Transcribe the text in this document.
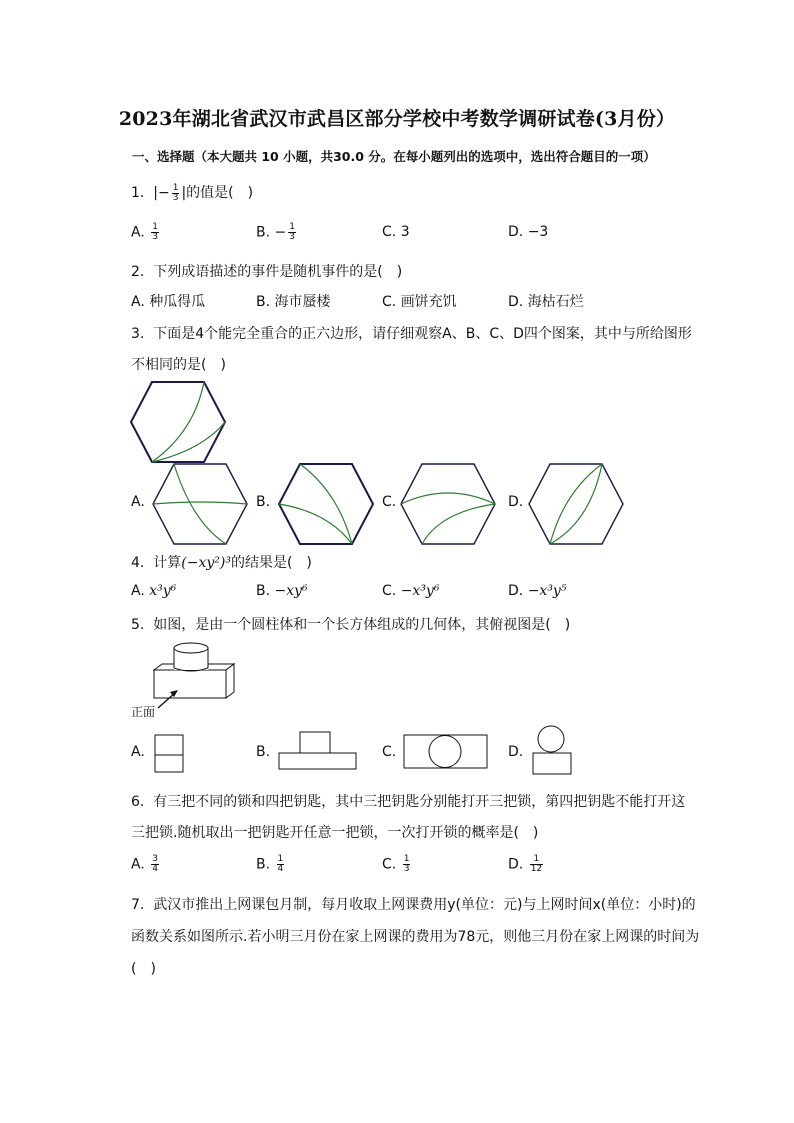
2023年湖北省武汉市武昌区部分学校中考数学调研试卷(3月份）
一、选择题（本大题共 10 小题，共30.0 分。在每小题列出的选项中，选出符合题目的一项）
1. |− $\frac{1}{3}$ |的值是(　)
A. $\frac{1}{3}$	B. − $\frac{1}{3}$	C. 3	D. −3
2. 下列成语描述的事件是随机事件的是(　)
A. 种瓜得瓜	B. 海市蜃楼	C. 画饼充饥	D. 海枯石烂
3. 下面是4个能完全重合的正六边形，请仔细观察A、B、C、D四个图案，其中与所给图形
不相同的是(　)
A.	B.	C.	D.
4. 计算(−xy²)³的结果是(　)
A. x³y⁶	B. −xy⁶	C. −x³y⁶	D. −x³y⁵
5. 如图，是由一个圆柱体和一个长方体组成的几何体，其俯视图是(　)
正面
A.	B.	C.	D.
6. 有三把不同的锁和四把钥匙，其中三把钥匙分别能打开三把锁，第四把钥匙不能打开这
三把锁.随机取出一把钥匙开任意一把锁，一次打开锁的概率是(　)
A. $\frac{3}{4}$	B. $\frac{1}{4}$	C. $\frac{1}{3}$	D. $\frac{1}{12}$
7. 武汉市推出上网课包月制，每月收取上网课费用y(单位：元)与上网时间x(单位：小时)的
函数关系如图所示.若小明三月份在家上网课的费用为78元，则他三月份在家上网课的时间为
(　)
